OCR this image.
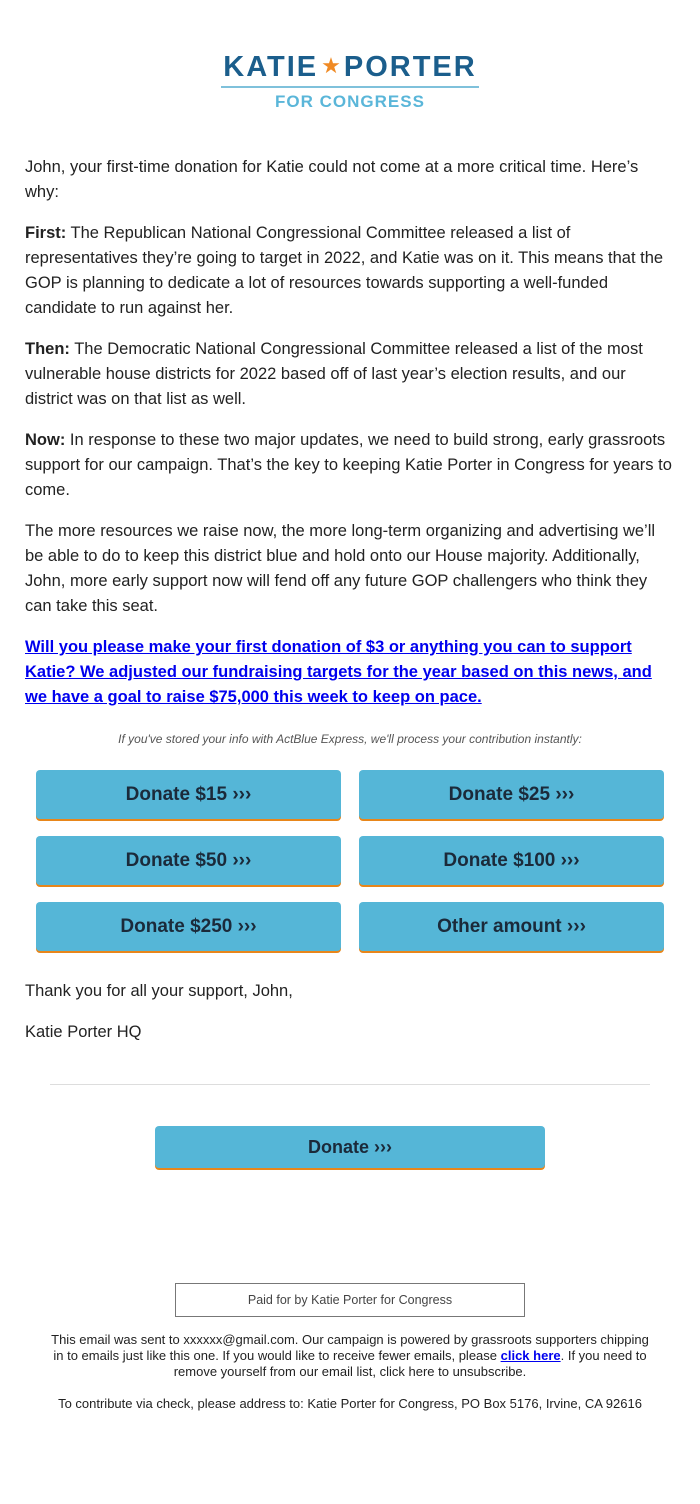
KATIE ★ PORTER
FOR CONGRESS

John, your first-time donation for Katie could not come at a more critical time. Here’s why:

First: The Republican National Congressional Committee released a list of representatives they’re going to target in 2022, and Katie was on it. This means that the GOP is planning to dedicate a lot of resources towards supporting a well-funded candidate to run against her.

Then: The Democratic National Congressional Committee released a list of the most vulnerable house districts for 2022 based off of last year’s election results, and our district was on that list as well.

Now: In response to these two major updates, we need to build strong, early grassroots support for our campaign. That’s the key to keeping Katie Porter in Congress for years to come.

The more resources we raise now, the more long-term organizing and advertising we’ll be able to do to keep this district blue and hold onto our House majority. Additionally, John, more early support now will fend off any future GOP challengers who think they can take this seat.

Will you please make your first donation of $3 or anything you can to support Katie? We adjusted our fundraising targets for the year based on this news, and we have a goal to raise $75,000 this week to keep on pace.

If you've stored your info with ActBlue Express, we'll process your contribution instantly:
Donate $15 ›››	Donate $25 ›››
Donate $50 ›››	Donate $100 ›››
Donate $250 ›››	Other amount ›››
Thank you for all your support, John,
Katie Porter HQ
Donate ›››
Paid for by Katie Porter for Congress
This email was sent to xxxxxx@gmail.com. Our campaign is powered by grassroots supporters chipping in to emails just like this one. If you would like to receive fewer emails, please click here. If you need to remove yourself from our email list, click here to unsubscribe.
To contribute via check, please address to: Katie Porter for Congress, PO Box 5176, Irvine, CA 92616
